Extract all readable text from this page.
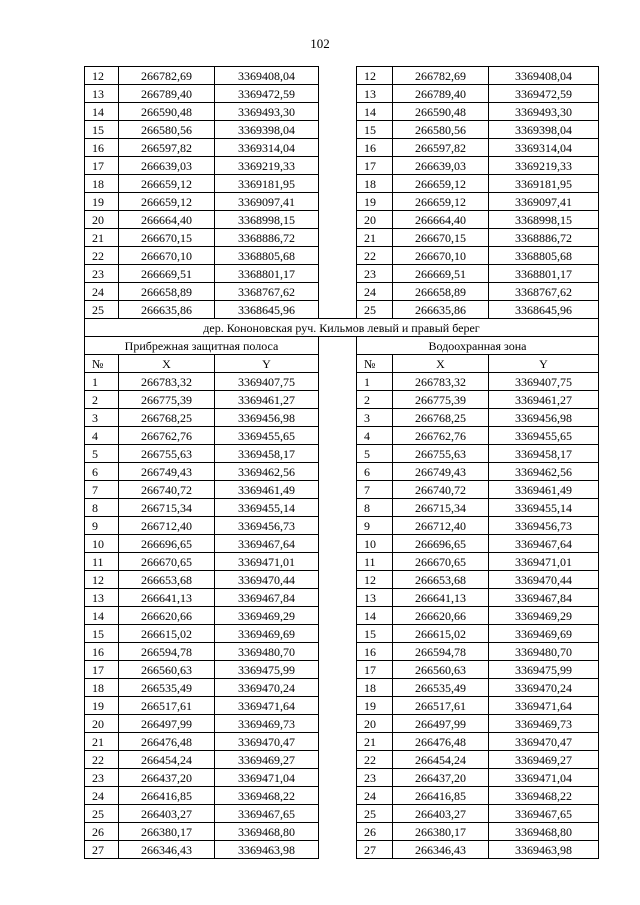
102
12	266782,69	3369408,04		12	266782,69	3369408,04
13	266789,40	3369472,59		13	266789,40	3369472,59
14	266590,48	3369493,30		14	266590,48	3369493,30
15	266580,56	3369398,04		15	266580,56	3369398,04
16	266597,82	3369314,04		16	266597,82	3369314,04
17	266639,03	3369219,33		17	266639,03	3369219,33
18	266659,12	3369181,95		18	266659,12	3369181,95
19	266659,12	3369097,41		19	266659,12	3369097,41
20	266664,40	3368998,15		20	266664,40	3368998,15
21	266670,15	3368886,72		21	266670,15	3368886,72
22	266670,10	3368805,68		22	266670,10	3368805,68
23	266669,51	3368801,17		23	266669,51	3368801,17
24	266658,89	3368767,62		24	266658,89	3368767,62
25	266635,86	3368645,96		25	266635,86	3368645,96
дер. Кононовская руч. Кильмов левый и правый берег						
Прибрежная защитная полоса				Водоохранная зона		
№	X	Y		№	X	Y
1	266783,32	3369407,75		1	266783,32	3369407,75
2	266775,39	3369461,27		2	266775,39	3369461,27
3	266768,25	3369456,98		3	266768,25	3369456,98
4	266762,76	3369455,65		4	266762,76	3369455,65
5	266755,63	3369458,17		5	266755,63	3369458,17
6	266749,43	3369462,56		6	266749,43	3369462,56
7	266740,72	3369461,49		7	266740,72	3369461,49
8	266715,34	3369455,14		8	266715,34	3369455,14
9	266712,40	3369456,73		9	266712,40	3369456,73
10	266696,65	3369467,64		10	266696,65	3369467,64
11	266670,65	3369471,01		11	266670,65	3369471,01
12	266653,68	3369470,44		12	266653,68	3369470,44
13	266641,13	3369467,84		13	266641,13	3369467,84
14	266620,66	3369469,29		14	266620,66	3369469,29
15	266615,02	3369469,69		15	266615,02	3369469,69
16	266594,78	3369480,70		16	266594,78	3369480,70
17	266560,63	3369475,99		17	266560,63	3369475,99
18	266535,49	3369470,24		18	266535,49	3369470,24
19	266517,61	3369471,64		19	266517,61	3369471,64
20	266497,99	3369469,73		20	266497,99	3369469,73
21	266476,48	3369470,47		21	266476,48	3369470,47
22	266454,24	3369469,27		22	266454,24	3369469,27
23	266437,20	3369471,04		23	266437,20	3369471,04
24	266416,85	3369468,22		24	266416,85	3369468,22
25	266403,27	3369467,65		25	266403,27	3369467,65
26	266380,17	3369468,80		26	266380,17	3369468,80
27	266346,43	3369463,98		27	266346,43	3369463,98
